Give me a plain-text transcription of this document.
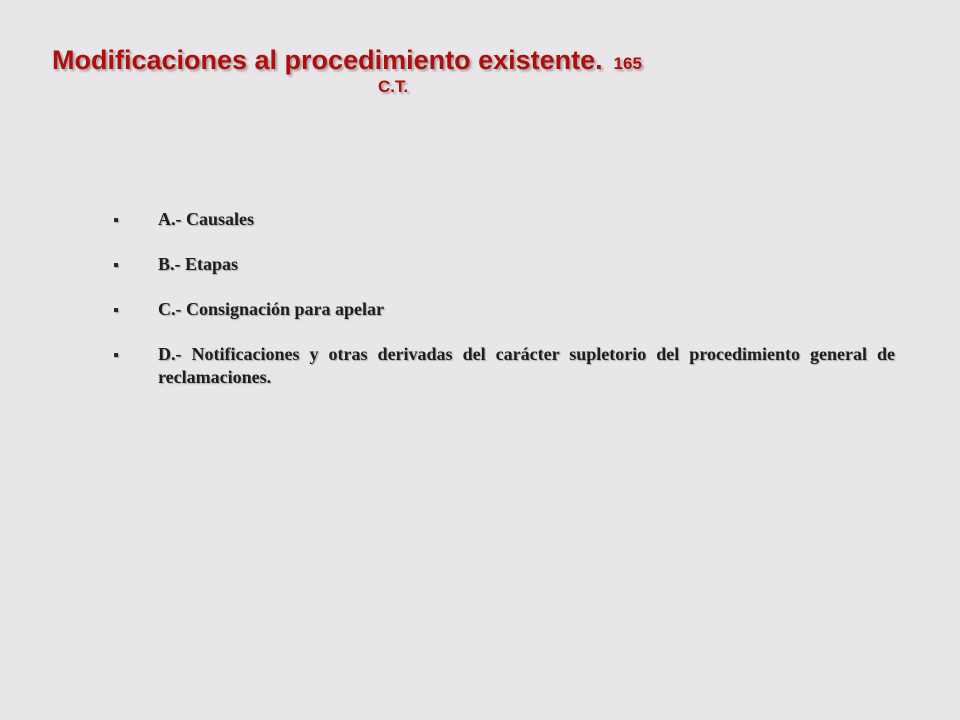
Modificaciones al procedimiento existente. 165
C.T.
A.- Causales
B.- Etapas
C.- Consignación para apelar
D.- Notificaciones y otras derivadas del carácter supletorio del procedimiento general de reclamaciones.
